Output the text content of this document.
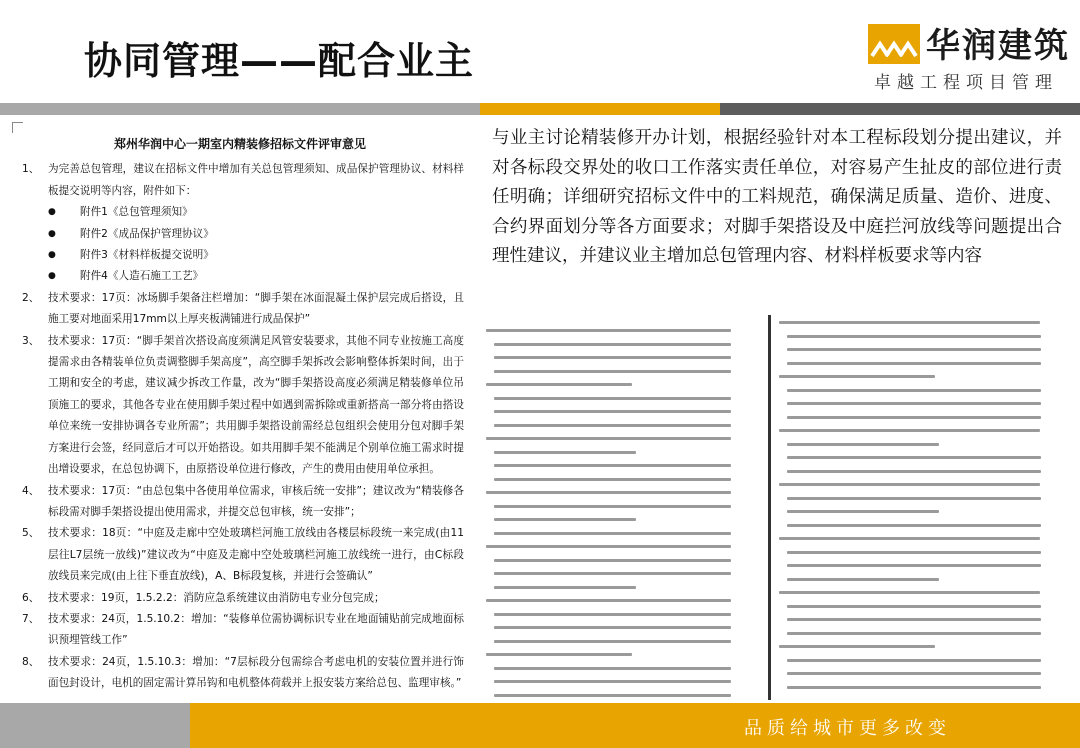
协同管理——配合业主	华润建筑
卓越工程项目管理
郑州华润中心一期室内精装修招标文件评审意见
1、 为完善总包管理，建议在招标文件中增加有关总包管理须知、成品保护管理协议、材料样板提交说明等内容，附件如下：
● 附件1《总包管理须知》
● 附件2《成品保护管理协议》
● 附件3《材料样板提交说明》
● 附件4《人造石施工工艺》
2、 技术要求：17页：冰场脚手架备注栏增加：“脚手架在冰面混凝土保护层完成后搭设，且施工要对地面采用17mm以上厚夹板满铺进行成品保护”
3、 技术要求：17页：“脚手架首次搭设高度须满足风管安装要求，其他不同专业按施工高度提需求由各精装单位负责调整脚手架高度”，高空脚手架拆改会影响整体拆架时间，出于工期和安全的考虑，建议减少拆改工作量，改为“脚手架搭设高度必须满足精装修单位吊顶施工的要求，其他各专业在使用脚手架过程中如遇到需拆除或重新搭高一部分将由搭设单位来统一安排协调各专业所需”；共用脚手架搭设前需经总包组织会使用分包对脚手架方案进行会签，经同意后才可以开始搭设。如共用脚手架不能满足个别单位施工需求时提出增设要求，在总包协调下，由原搭设单位进行修改，产生的费用由使用单位承担。
4、 技术要求：17页：“由总包集中各使用单位需求，审核后统一安排”；建议改为“精装修各标段需对脚手架搭设提出使用需求，并提交总包审核，统一安排”；
5、 技术要求：18页：“中庭及走廊中空处玻璃栏河施工放线由各楼层标段统一来完成(由11层往L7层统一放线)”建议改为“中庭及走廊中空处玻璃栏河施工放线统一进行，由C标段放线员来完成(由上往下垂直放线)，A、B标段复核，并进行会签确认”
6、 技术要求：19页，1.5.2.2：消防应急系统建议由消防电专业分包完成；
7、 技术要求：24页，1.5.10.2：增加：“装修单位需协调标识专业在地面铺贴前完成地面标识预埋管线工作”
8、 技术要求：24页，1.5.10.3：增加：“7层标段分包需综合考虑电机的安装位置并进行饰面包封设计，电机的固定需计算吊钩和电机整体荷载并上报安装方案给总包、监理审核。”
与业主讨论精装修开办计划，根据经验针对本工程标段划分提出建议，并对各标段交界处的收口工作落实责任单位，对容易产生扯皮的部位进行责任明确；详细研究招标文件中的工料规范，确保满足质量、造价、进度、合约界面划分等各方面要求；对脚手架搭设及中庭拦河放线等问题提出合理性建议，并建议业主增加总包管理内容、材料样板要求等内容
品质给城市更多改变
